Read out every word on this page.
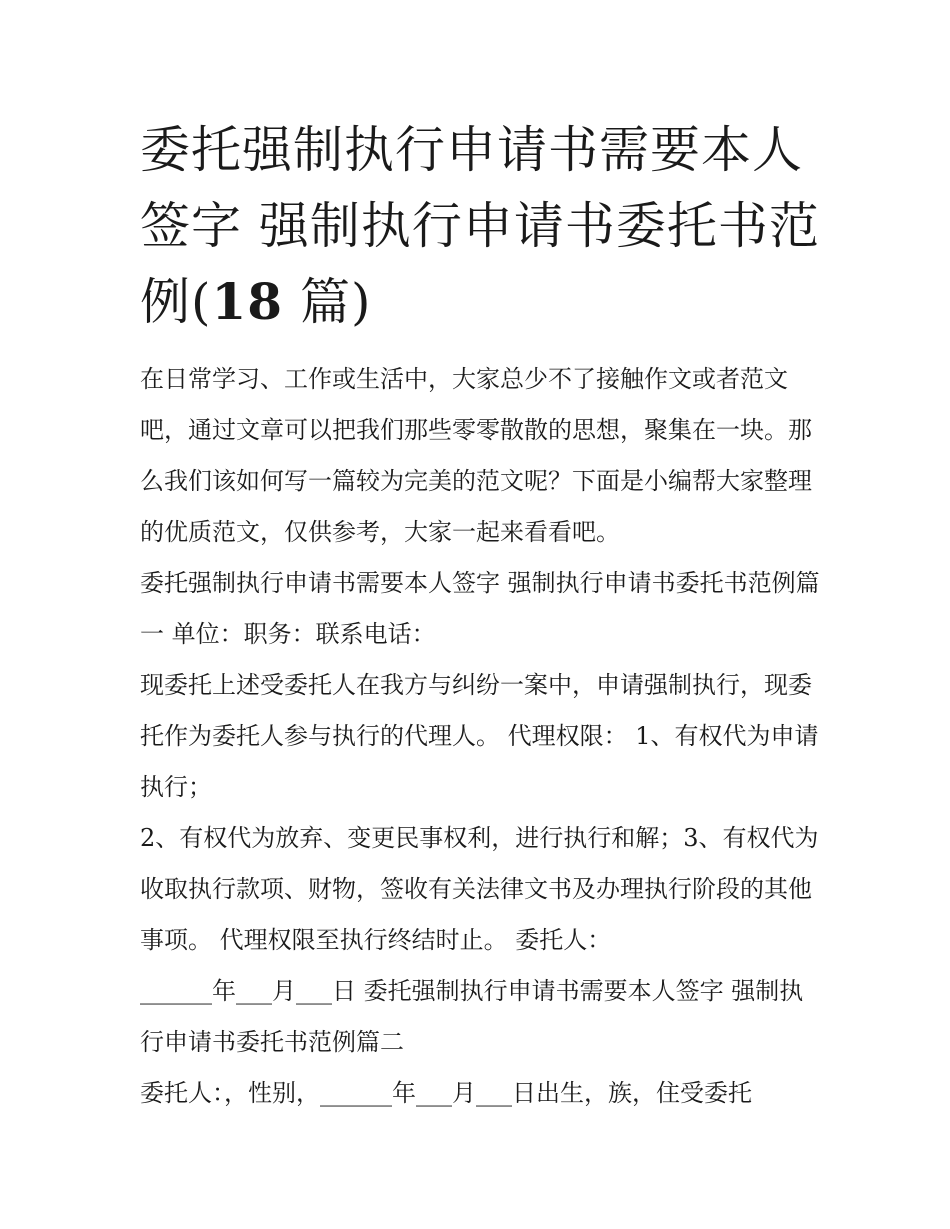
委托强制执行申请书需要本人签字 强制执行申请书委托书范例(18 篇)

在日常学习、工作或生活中，大家总少不了接触作文或者范文吧，通过文章可以把我们那些零零散散的思想，聚集在一块。那么我们该如何写一篇较为完美的范文呢？下面是小编帮大家整理的优质范文，仅供参考，大家一起来看看吧。

委托强制执行申请书需要本人签字 强制执行申请书委托书范例篇一 单位：职务：联系电话：

现委托上述受委托人在我方与纠纷一案中，申请强制执行，现委托作为委托人参与执行的代理人。 代理权限： 1、有权代为申请执行；

2、有权代为放弃、变更民事权利，进行执行和解；3、有权代为收取执行款项、财物，签收有关法律文书及办理执行阶段的其他事项。 代理权限至执行终结时止。 委托人：

______年___月___日 委托强制执行申请书需要本人签字 强制执行申请书委托书范例篇二

委托人：，性别，______年___月___日出生，族，住受委托
